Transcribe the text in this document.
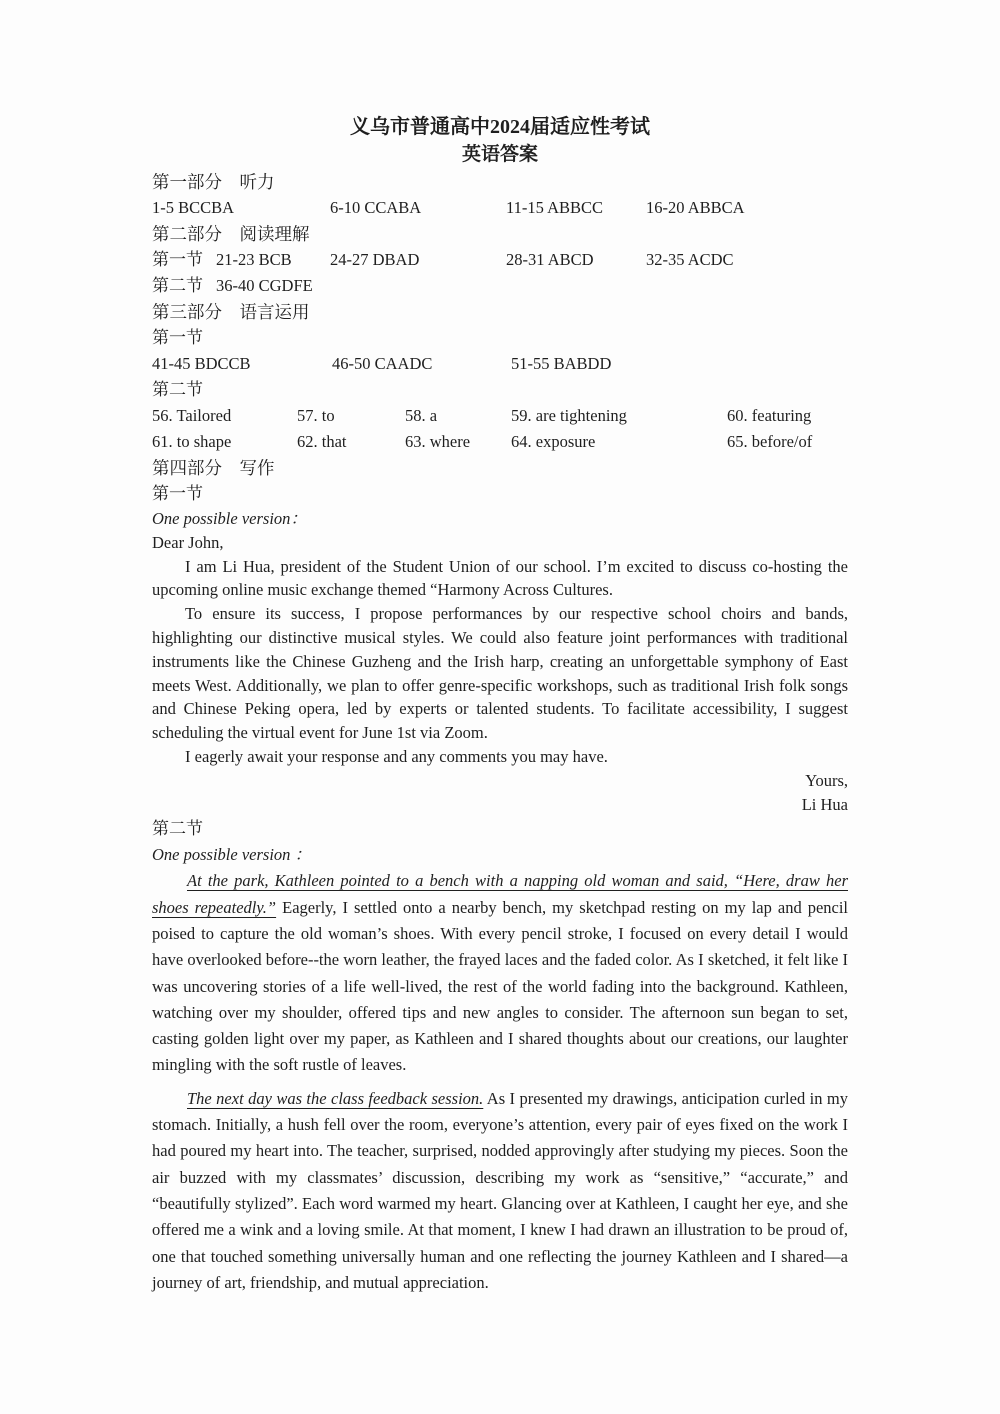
义乌市普通高中2024届适应性考试
英语答案
第一部分　听力
1-5 BCCBA	6-10 CCABA	11-15 ABBCC	16-20 ABBCA
第二部分　阅读理解
第一节 21-23 BCB 24-27 DBAD	28-31 ABCD	32-35 ACDC
第二节 36-40 CGDFE
第三部分　语言运用
第一节
41-45 BDCCB	46-50 CAADC	51-55 BABDD
第二节
56. Tailored	57. to	58. a	59. are tightening	60. featuring
61. to shape	62. that	63. where 64. exposure	65. before/of
第四部分　写作
第一节
One possible version：
Dear John,

I am Li Hua, president of the Student Union of our school. I’m excited to discuss co-hosting the upcoming online music exchange themed “Harmony Across Cultures.

To ensure its success, I propose performances by our respective school choirs and bands, highlighting our distinctive musical styles. We could also feature joint performances with traditional instruments like the Chinese Guzheng and the Irish harp, creating an unforgettable symphony of East meets West. Additionally, we plan to offer genre-specific workshops, such as traditional Irish folk songs and Chinese Peking opera, led by experts or talented students. To facilitate accessibility, I suggest scheduling the virtual event for June 1st via Zoom.

I eagerly await your response and any comments you may have.

Yours,
Li Hua
第二节
One possible version ：

At the park, Kathleen pointed to a bench with a napping old woman and said, “Here, draw her shoes repeatedly.” Eagerly, I settled onto a nearby bench, my sketchpad resting on my lap and pencil poised to capture the old woman’s shoes. With every pencil stroke, I focused on every detail I would have overlooked before--the worn leather, the frayed laces and the faded color. As I sketched, it felt like I was uncovering stories of a life well-lived, the rest of the world fading into the background. Kathleen, watching over my shoulder, offered tips and new angles to consider. The afternoon sun began to set, casting golden light over my paper, as Kathleen and I shared thoughts about our creations, our laughter mingling with the soft rustle of leaves.

The next day was the class feedback session. As I presented my drawings, anticipation curled in my stomach. Initially, a hush fell over the room, everyone’s attention, every pair of eyes fixed on the work I had poured my heart into. The teacher, surprised, nodded approvingly after studying my pieces. Soon the air buzzed with my classmates’ discussion, describing my work as “sensitive,” “accurate,” and “beautifully stylized”. Each word warmed my heart. Glancing over at Kathleen, I caught her eye, and she offered me a wink and a loving smile. At that moment, I knew I had drawn an illustration to be proud of, one that touched something universally human and one reflecting the journey Kathleen and I shared—a journey of art, friendship, and mutual appreciation.
